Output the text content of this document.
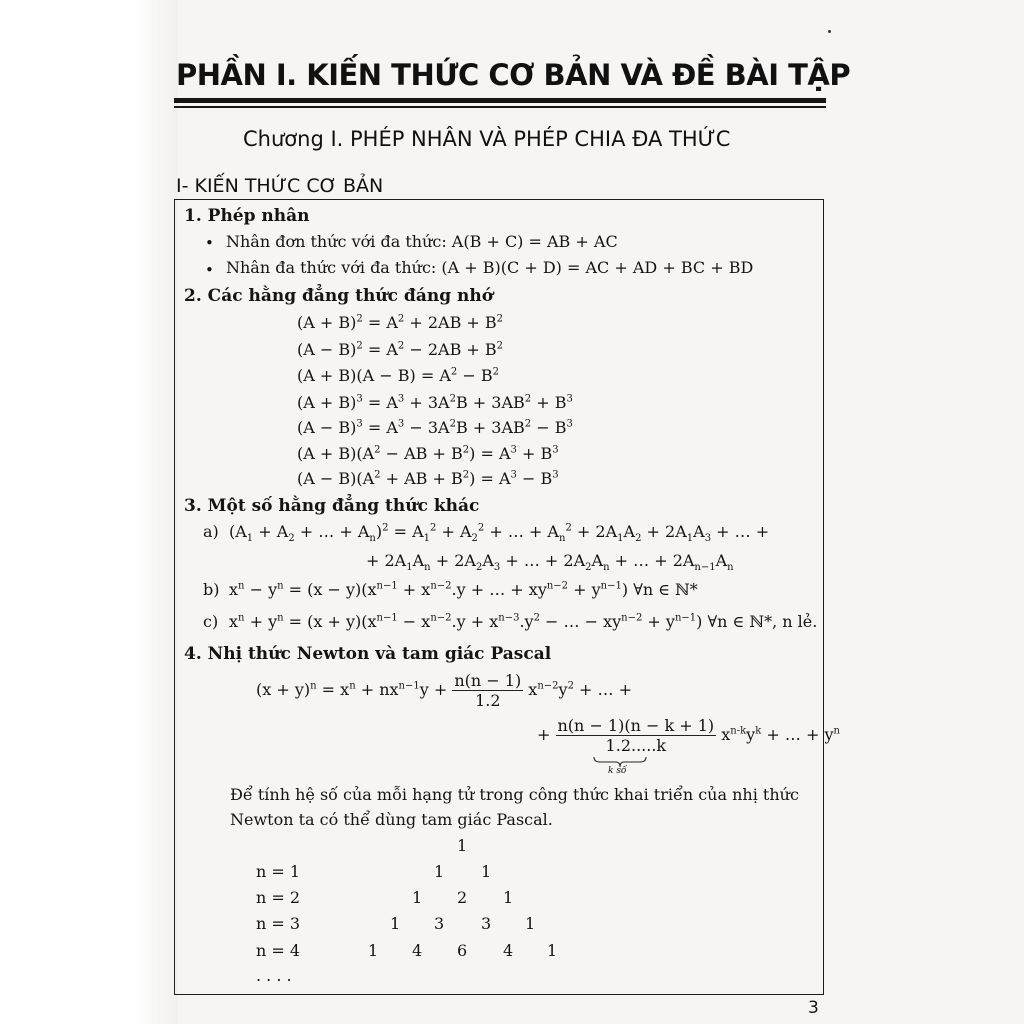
PHẦN I. KIẾN THỨC CƠ BẢN VÀ ĐỀ BÀI TẬP
Chương I. PHÉP NHÂN VÀ PHÉP CHIA ĐA THỨC
I- KIẾN THỨC CƠ BẢN
1. Phép nhân
• Nhân đơn thức với đa thức: A(B + C) = AB + AC
• Nhân đa thức với đa thức: (A + B)(C + D) = AC + AD + BC + BD
2. Các hằng đẳng thức đáng nhớ
$(A + B)^2 = A^2 + 2AB + B^2$
$(A - B)^2 = A^2 - 2AB + B^2$
$(A + B)(A - B) = A^2 - B^2$
$(A + B)^3 = A^3 + 3A^2B + 3AB^2 + B^3$
$(A - B)^3 = A^3 - 3A^2B + 3AB^2 - B^3$
$(A + B)(A^2$ − AB + $B^2) = A^3 + B^3$
$(A - B)(A^2$ + AB + $B^2) = A^3 - B^3$
3. Một số hằng đẳng thức khác
a) ($A_1 + A_2$ + … + $A_n)^2 = A_1^2 + A_2^2$ + … + $A_n^2 + 2A_1A_2 + 2A_1A_3$ + … +
+ $2A_1A_n + 2A_2A_3$ + … + $2A_2A_n$ + … + $2A_{n-1}A_n$
b) $x^n - y^n = (x - y)(x^{n-1} + x^{n-2}.y$ + … + $xy^{n-2} + y^{n-1}$) ∀n ∈ ℕ*
c) $x^n + y^n = (x + y)(x^{n-1} - x^{n-2}.y + x^{n-3}.y^2$ − … − $xy^{n-2} + y^{n-1}$) ∀n ∈ ℕ*, n lẻ.
4. Nhị thức Newton và tam giác Pascal
$(x + y)^n = x^n + nx^{n-1}y + \frac{n(n - 1)}{1.2} x^{n-2}y^2$ + … +
+ $\frac{n(n - 1)(n - k + 1)}{1.2.....k} x^{n-k}y^k$ + … + $y^n$
k số
Để tính hệ số của mỗi hạng tử trong công thức khai triển của nhị thức
Newton ta có thể dùng tam giác Pascal.
1
n = 1	1 1
n = 2	1 2 1
n = 3	1 3 3 1
n = 4	1 4 6 4 1
. . . .
3
